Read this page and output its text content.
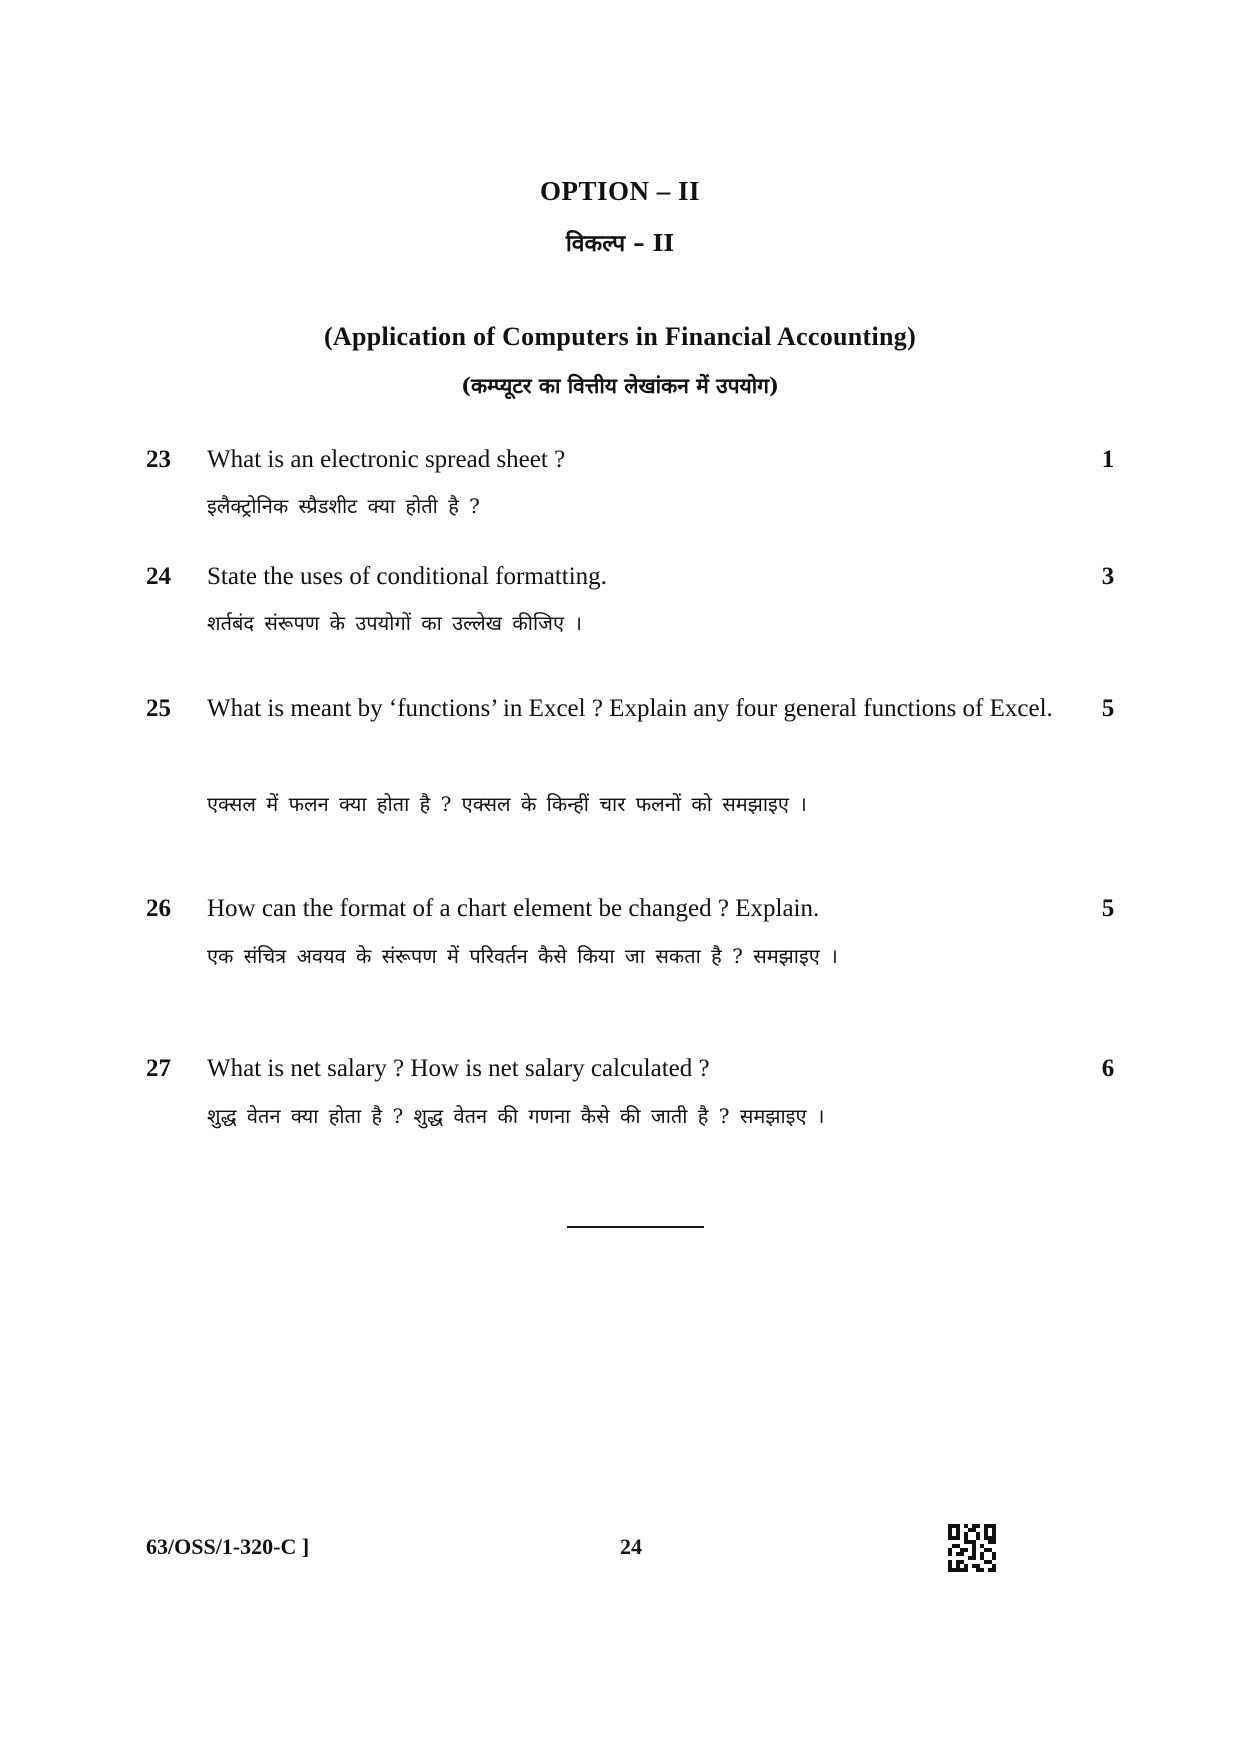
OPTION – II
विकल्प – II
(Application of Computers in Financial Accounting)
(कम्प्यूटर का वित्तीय लेखांकन में उपयोग)
23 What is an electronic spread sheet ?	1
इलैक्ट्रोनिक स्प्रैडशीट क्या होती है ?
24 State the uses of conditional formatting.	3
शर्तबंद संरूपण के उपयोगों का उल्लेख कीजिए ।
25 What is meant by ‘functions’ in Excel ? Explain any four general functions of Excel.	5
एक्सल में फलन क्या होता है ? एक्सल के किन्हीं चार फलनों को समझाइए ।
26 How can the format of a chart element be changed ? Explain.	5
एक संचित्र अवयव के संरूपण में परिवर्तन कैसे किया जा सकता है ? समझाइए ।
27 What is net salary ? How is net salary calculated ?	6
शुद्ध वेतन क्या होता है ? शुद्ध वेतन की गणना कैसे की जाती है ? समझाइए ।
63/OSS/1-320-C ]	24
